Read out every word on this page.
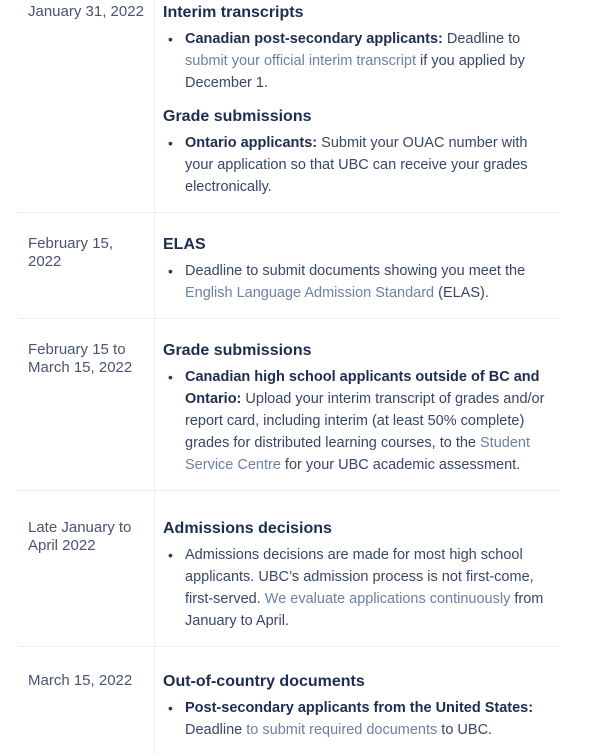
January 31, 2022 Interim transcripts
• Canadian post-secondary applicants: Deadline to submit your official interim transcript if you applied by December 1.
Grade submissions
• Ontario applicants: Submit your OUAC number with your application so that UBC can receive your grades electronically.
February 15,
2022
ELAS
• Deadline to submit documents showing you meet the English Language Admission Standard (ELAS).
February 15 to
March 15, 2022
Grade submissions
• Canadian high school applicants outside of BC and Ontario: Upload your interim transcript of grades and/or report card, including interim (at least 50% complete) grades for distributed learning courses, to the Student Service Centre for your UBC academic assessment.
Late January to
April 2022
Admissions decisions
• Admissions decisions are made for most high school applicants. UBC’s admission process is not first-come, first-served. We evaluate applications continuously from January to April.
March 15, 2022	Out-of-country documents
• Post-secondary applicants from the United States: Deadline to submit required documents to UBC.
